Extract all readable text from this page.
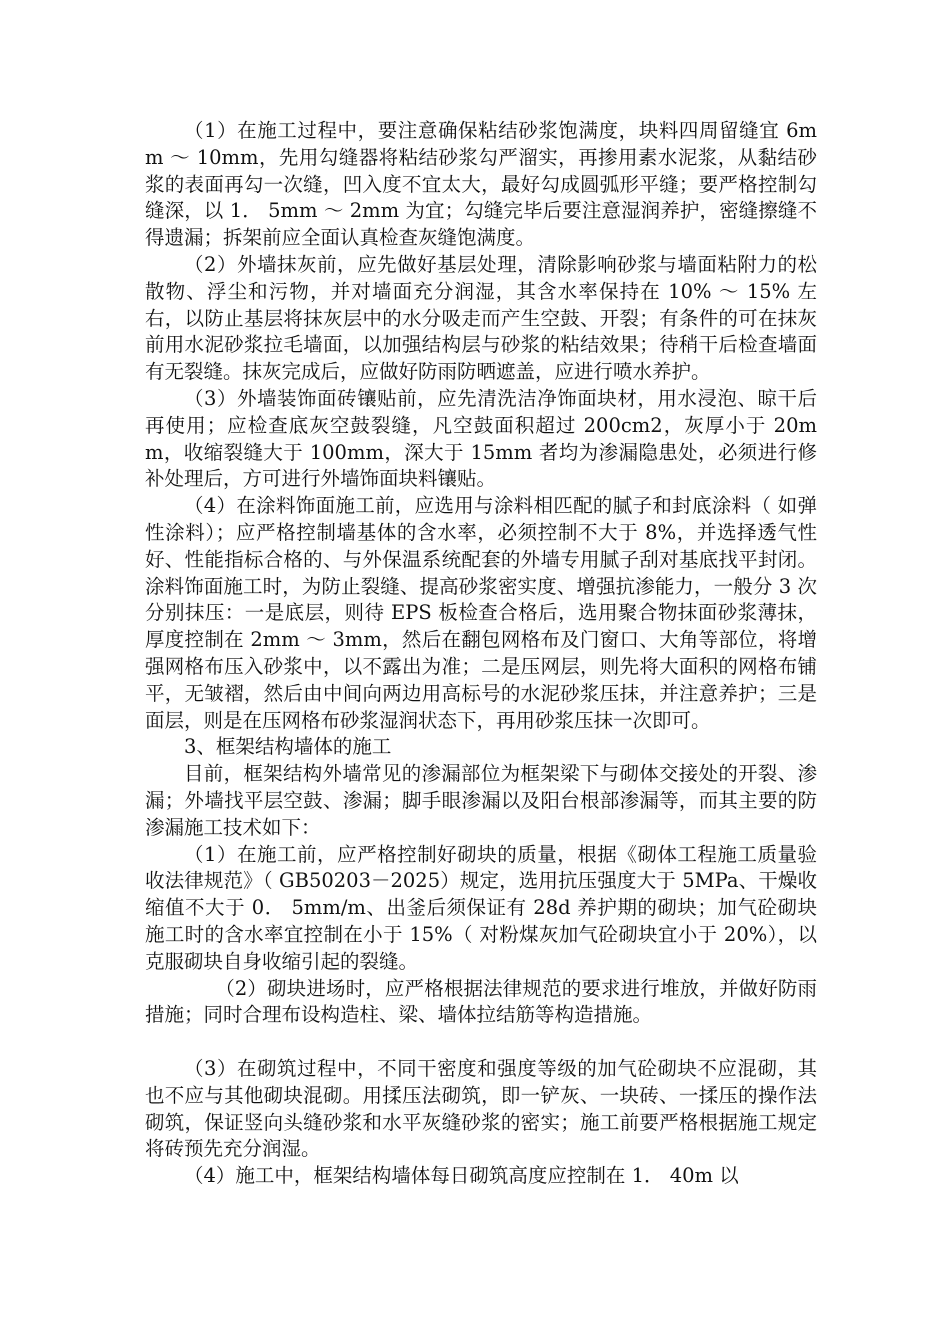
（1）在施工过程中，要注意确保粘结砂浆饱满度，块料四周留缝宜 6mm ～ 10mm，先用勾缝器将粘结砂浆勾严溜实，再掺用素水泥浆，从黏结砂浆的表面再勾一次缝，凹入度不宜太大，最好勾成圆弧形平缝；要严格控制勾缝深，以 1． 5mm ～ 2mm 为宜；勾缝完毕后要注意湿润养护，密缝擦缝不得遗漏；拆架前应全面认真检查灰缝饱满度。

（2）外墙抹灰前，应先做好基层处理，清除影响砂浆与墙面粘附力的松散物、浮尘和污物，并对墙面充分润湿，其含水率保持在 10% ～ 15% 左右，以防止基层将抹灰层中的水分吸走而产生空鼓、开裂；有条件的可在抹灰前用水泥砂浆拉毛墙面，以加强结构层与砂浆的粘结效果；待稍干后检查墙面有无裂缝。抹灰完成后，应做好防雨防晒遮盖，应进行喷水养护。

（3）外墙装饰面砖镶贴前，应先清洗洁净饰面块材，用水浸泡、晾干后再使用；应检查底灰空鼓裂缝，凡空鼓面积超过 200cm2，灰厚小于 20mm，收缩裂缝大于 100mm，深大于 15mm 者均为渗漏隐患处，必须进行修补处理后，方可进行外墙饰面块料镶贴。

（4）在涂料饰面施工前，应选用与涂料相匹配的腻子和封底涂料（ 如弹性涂料）；应严格控制墙基体的含水率，必须控制不大于 8%，并选择透气性好、性能指标合格的、与外保温系统配套的外墙专用腻子刮对基底找平封闭。涂料饰面施工时，为防止裂缝、提高砂浆密实度、增强抗渗能力，一般分 3 次分别抹压：一是底层，则待 EPS 板检查合格后，选用聚合物抹面砂浆薄抹，厚度控制在 2mm ～ 3mm，然后在翻包网格布及门窗口、大角等部位，将增强网格布压入砂浆中，以不露出为准；二是压网层，则先将大面积的网格布铺平，无皱褶，然后由中间向两边用高标号的水泥砂浆压抹，并注意养护；三是面层，则是在压网格布砂浆湿润状态下，再用砂浆压抹一次即可。

3、框架结构墙体的施工

目前，框架结构外墙常见的渗漏部位为框架梁下与砌体交接处的开裂、渗漏；外墙找平层空鼓、渗漏；脚手眼渗漏以及阳台根部渗漏等，而其主要的防渗漏施工技术如下：

（1）在施工前，应严格控制好砌块的质量，根据《砌体工程施工质量验收法律规范》（ GB50203－2025）规定，选用抗压强度大于 5MPa、干燥收缩值不大于 0． 5mm/m、出釜后须保证有 28d 养护期的砌块；加气砼砌块施工时的含水率宜控制在小于 15%（ 对粉煤灰加气砼砌块宜小于 20%），以克服砌块自身收缩引起的裂缝。

（2）砌块进场时，应严格根据法律规范的要求进行堆放，并做好防雨措施；同时合理布设构造柱、梁、墙体拉结筋等构造措施。

（3）在砌筑过程中，不同干密度和强度等级的加气砼砌块不应混砌，其也不应与其他砌块混砌。用揉压法砌筑，即一铲灰、一块砖、一揉压的操作法砌筑，保证竖向头缝砂浆和水平灰缝砂浆的密实；施工前要严格根据施工规定将砖预先充分润湿。

（4）施工中，框架结构墙体每日砌筑高度应控制在 1． 40m 以
